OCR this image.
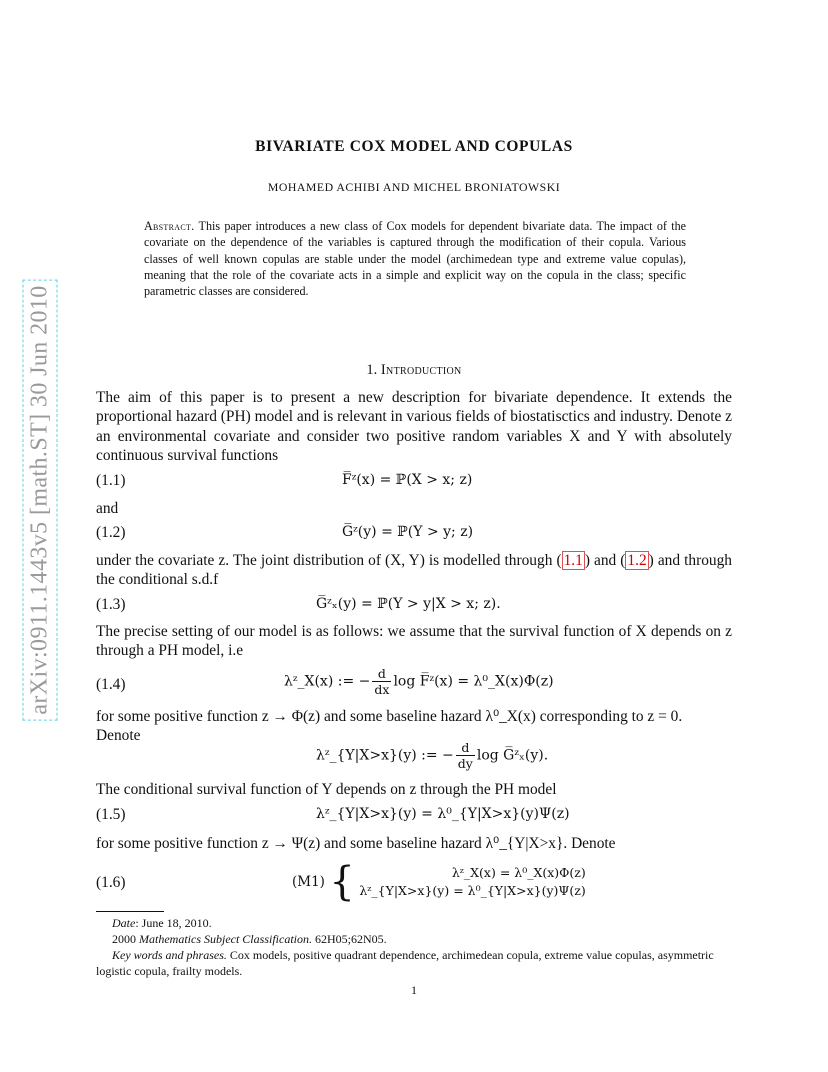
arXiv:0911.1443v5 [math.ST] 30 Jun 2010
BIVARIATE COX MODEL AND COPULAS
MOHAMED ACHIBI AND MICHEL BRONIATOWSKI
Abstract. This paper introduces a new class of Cox models for dependent bivariate data. The impact of the covariate on the dependence of the variables is captured through the modification of their copula. Various classes of well known copulas are stable under the model (archimedean type and extreme value copulas), meaning that the role of the covariate acts in a simple and explicit way on the copula in the class; specific parametric classes are considered.
1. Introduction
The aim of this paper is to present a new description for bivariate dependence. It extends the proportional hazard (PH) model and is relevant in various fields of biostatisctics and industry. Denote z an environmental covariate and consider two positive random variables X and Y with absolutely continuous survival functions
(1.1)	F̅ᶻ(x) = ℙ(X > x; z)
and
(1.2)	G̅ᶻ(y) = ℙ(Y > y; z)
under the covariate z. The joint distribution of (X, Y) is modelled through ( 1.1 ) and ( 1.2 ) and through the conditional s.d.f
(1.3)	G̅ᶻₓ(y) = ℙ(Y > y|X > x; z).
The precise setting of our model is as follows: we assume that the survival function of X depends on z through a PH model, i.e
(1.4)	λᶻ_X(x) := − $\frac{d}{dx}$ log F̅ᶻ(x) = λ⁰_X(x)Φ(z)
for some positive function z → Φ(z) and some baseline hazard λ⁰_X(x) corresponding to z = 0.
Denote
λᶻ_{Y|X>x}(y) := − $\frac{d}{dy}$ log G̅ᶻₓ(y).
The conditional survival function of Y depends on z through the PH model
(1.5)	λᶻ_{Y|X>x}(y) = λ⁰_{Y|X>x}(y)Ψ(z)
for some positive function z → Ψ(z) and some baseline hazard λ⁰_{Y|X>x}. Denote
(1.6)	(M1) {	λᶻ_X(x) = λ⁰_X(x)Φ(z)
λᶻ_{Y|X>x}(y) = λ⁰_{Y|X>x}(y)Ψ(z)
Date: June 18, 2010.
2000 Mathematics Subject Classification. 62H05;62N05.
Key words and phrases. Cox models, positive quadrant dependence, archimedean copula, extreme value copulas, asymmetric logistic copula, frailty models.
1
